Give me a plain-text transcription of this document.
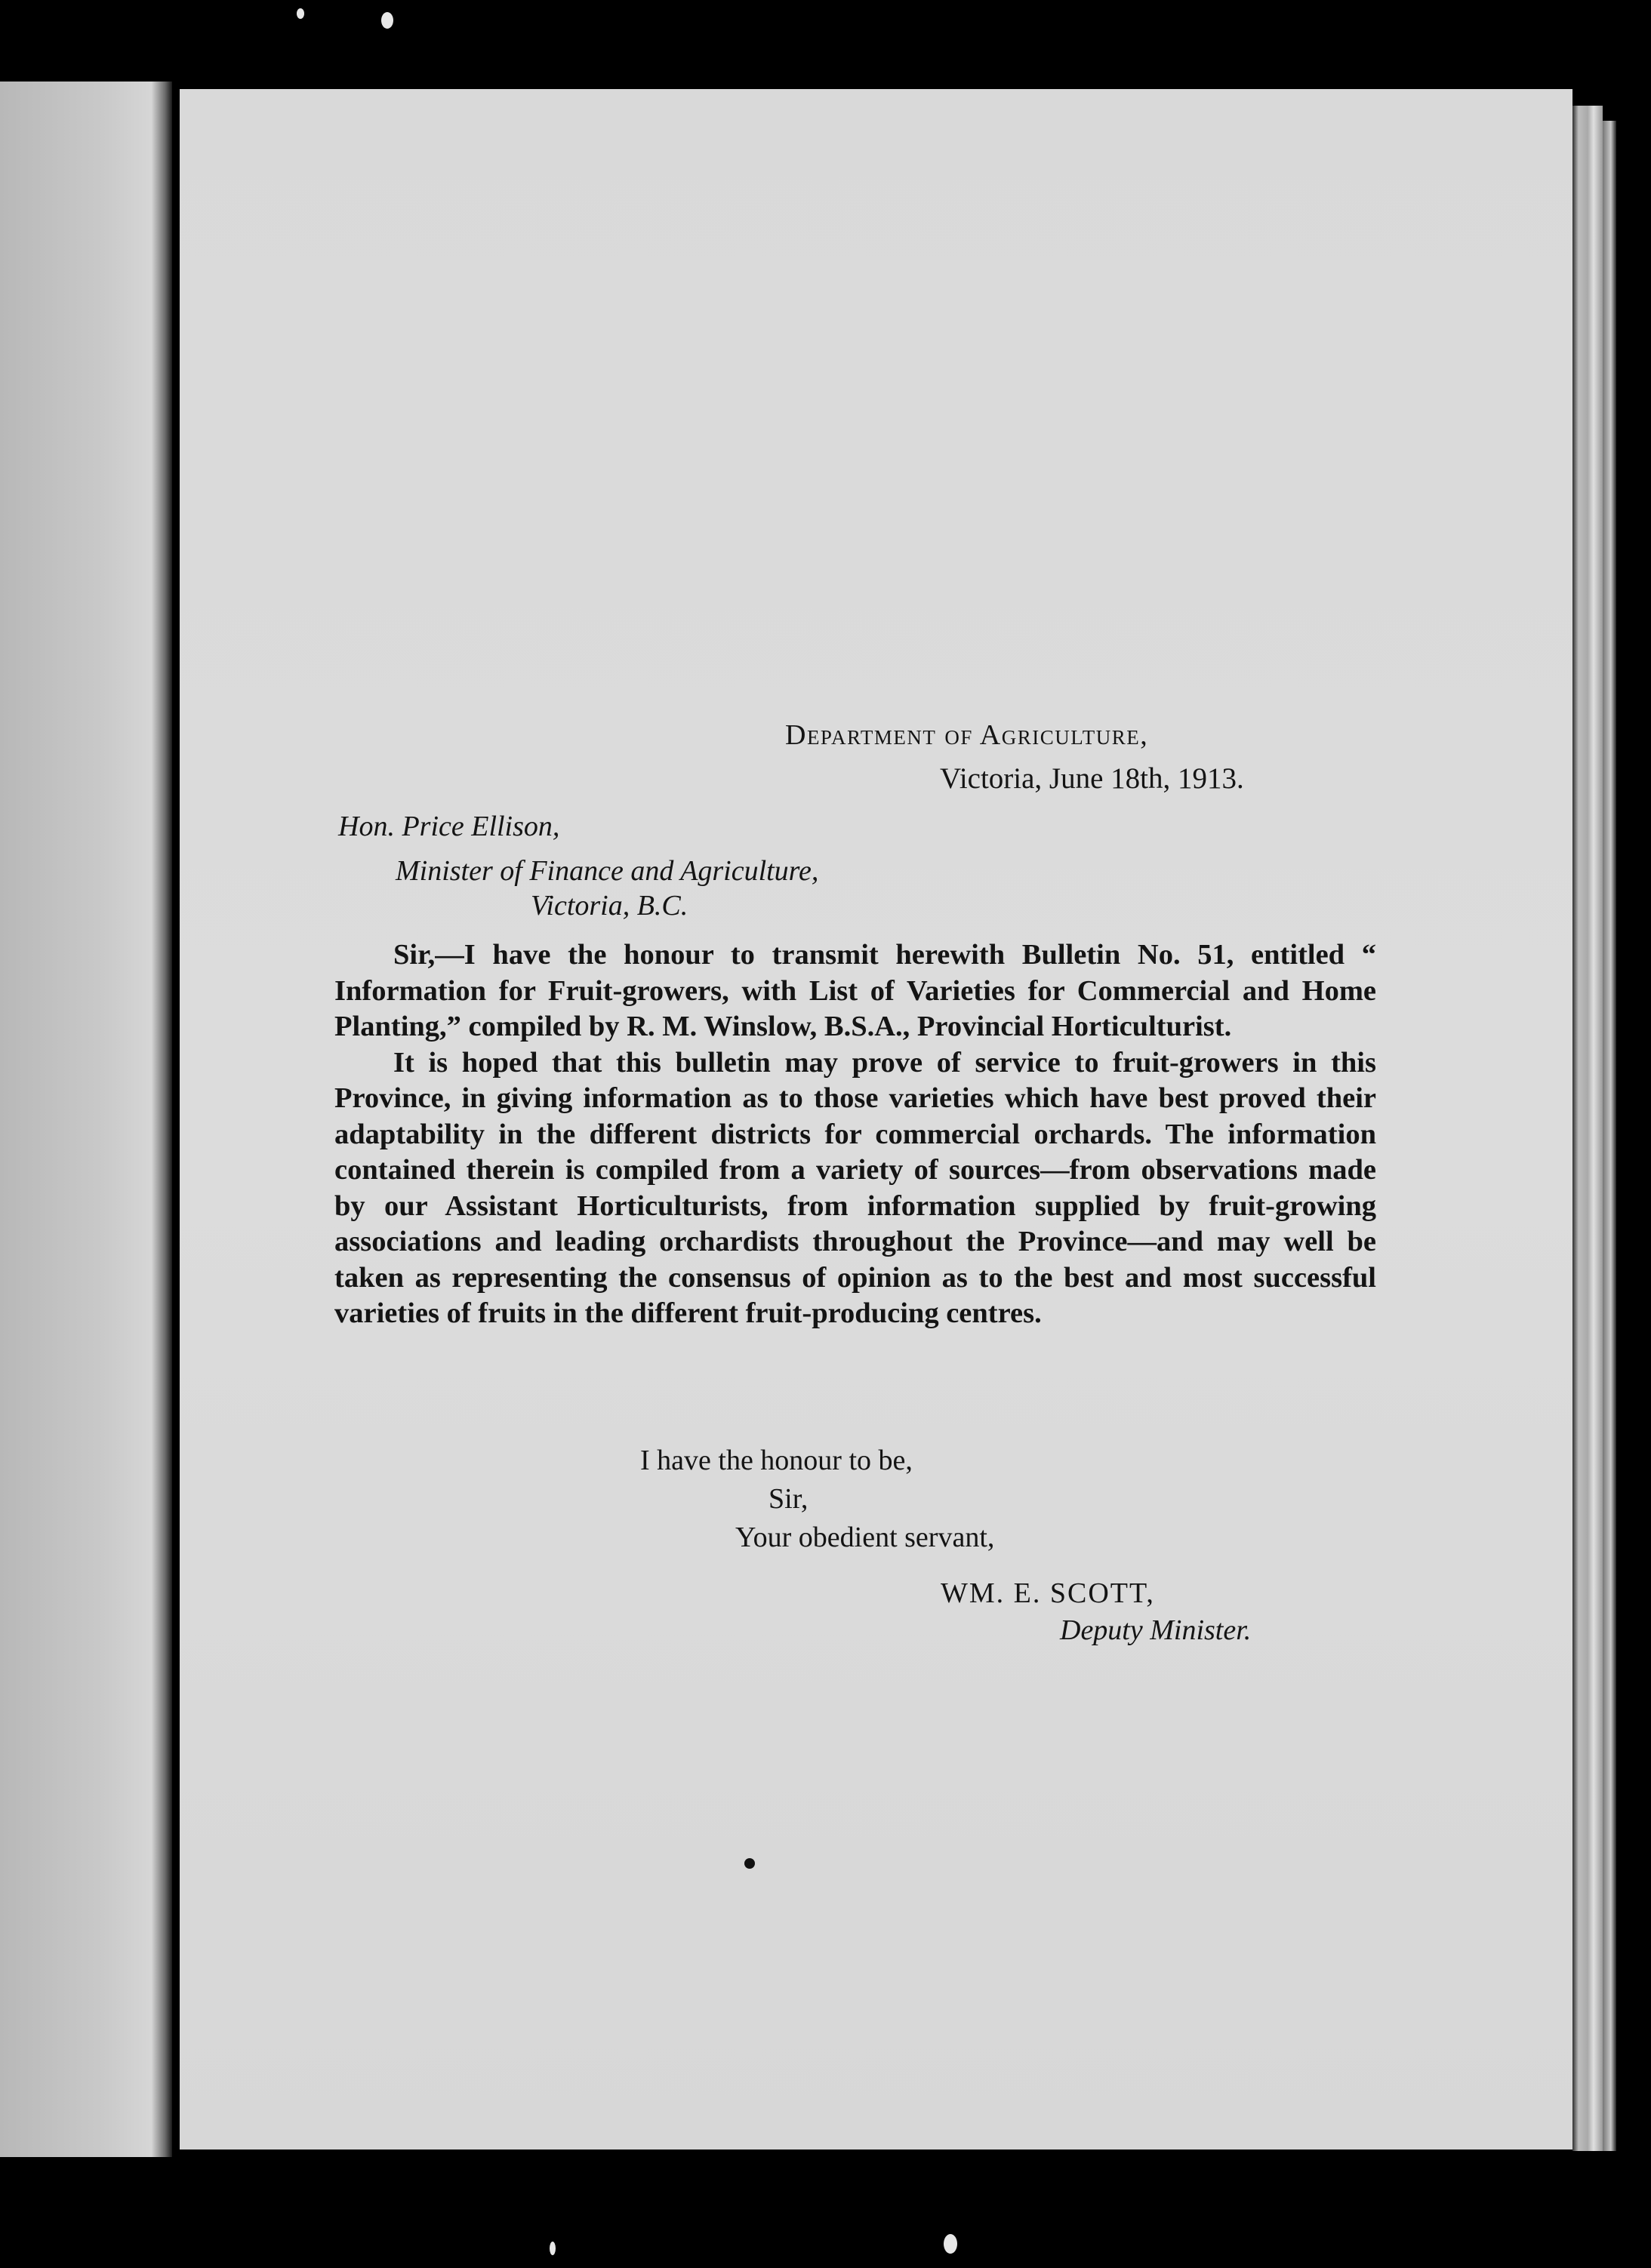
Department of Agriculture,
Victoria, June 18th, 1913.
Hon. Price Ellison,
Minister of Finance and Agriculture,
Victoria, B.C.

Sir,—I have the honour to transmit herewith Bulletin No. 51, entitled “ Information for Fruit-growers, with List of Varieties for Commercial and Home Planting,” compiled by R. M. Winslow, B.S.A., Provincial Horticulturist.

It is hoped that this bulletin may prove of service to fruit-growers in this Province, in giving information as to those varieties which have best proved their adaptability in the different districts for commercial orchards. The information contained therein is compiled from a variety of sources—from observations made by our Assistant Horticulturists, from information supplied by fruit-growing associations and leading orchardists throughout the Province—and may well be taken as representing the consensus of opinion as to the best and most successful varieties of fruits in the different fruit-producing centres.

I have the honour to be,
Sir,
Your obedient servant,
WM. E. SCOTT,
Deputy Minister.
